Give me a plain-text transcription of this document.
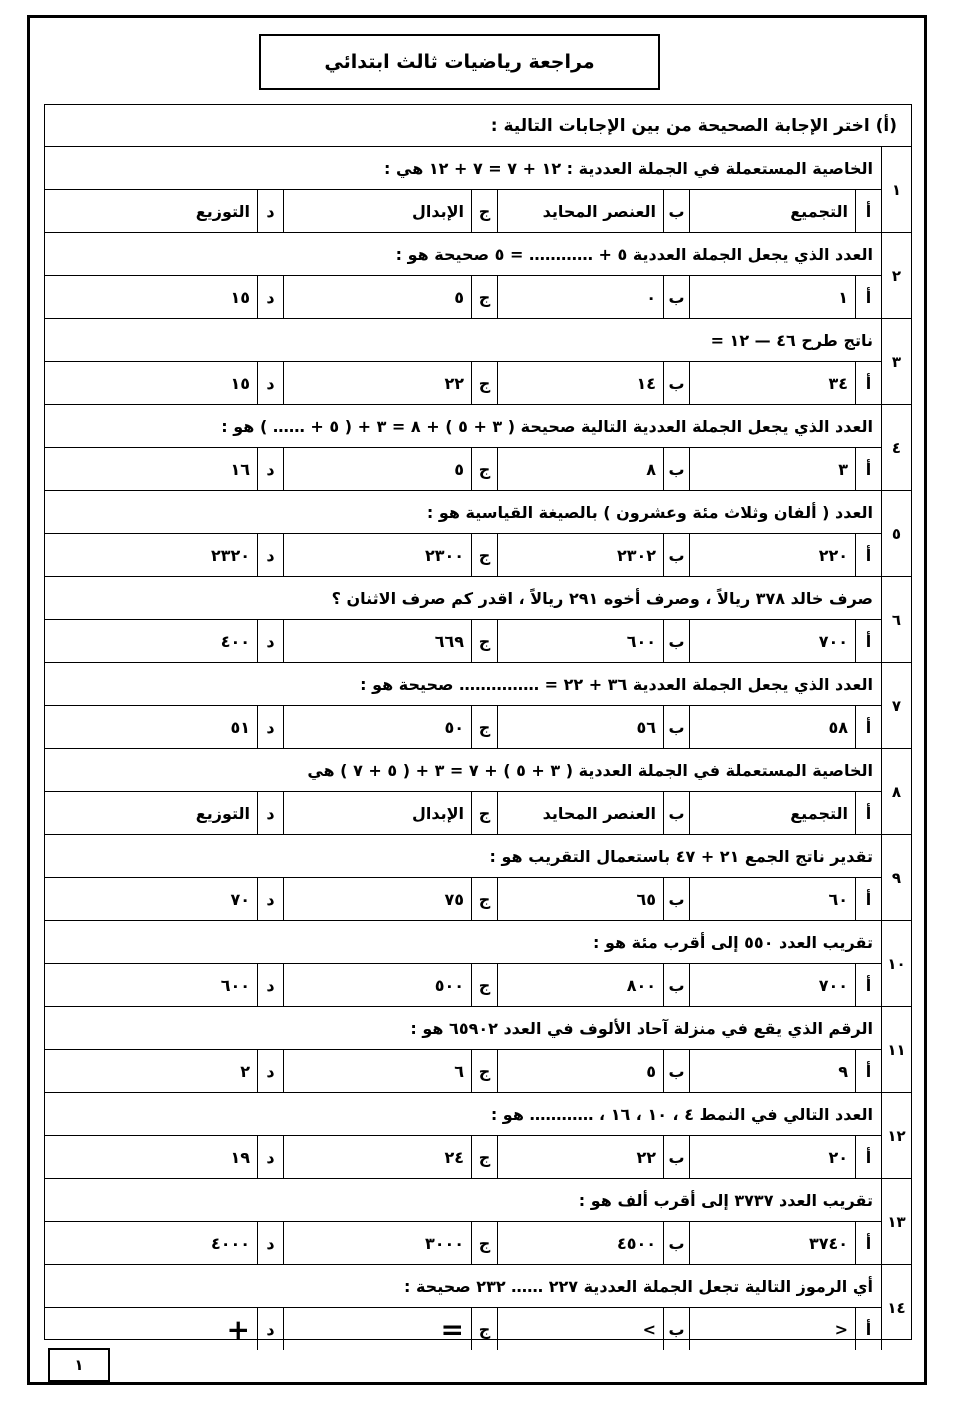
مراجعة رياضيات ثالث ابتدائي
(أ) اختر الإجابة الصحيحة من بين الإجابات التالية :
١
الخاصية المستعملة في الجملة العددية : ١٢ + ٧ = ٧ + ١٢ هي :
أ
التجميع
ب
العنصر المحايد
ج
الإبدال
د
التوزيع
٢
العدد الذي يجعل الجملة العددية ٥ + ………… = ٥ صحيحة هو :
أ
١
ب
٠
ج
٥
د
١٥
٣
ناتج طرح ٤٦ — ١٢ =
أ
٣٤
ب
١٤
ج
٢٢
د
١٥
٤
العدد الذي يجعل الجملة العددية التالية صحيحة ( ٣ + ٥ ) + ٨ = ٣ + ( ٥ + …… ) هو :
أ
٣
ب
٨
ج
٥
د
١٦
٥
العدد ( ألفان وثلاث مئة وعشرون ) بالصيغة القياسية هو :
أ
٢٢٠
ب
٢٣٠٢
ج
٢٣٠٠
د
٢٣٢٠
٦
صرف خالد ٣٧٨ ريالاً ، وصرف أخوه ٢٩١ ريالاً ، اقدر كم صرف الاثنان ؟
أ
٧٠٠
ب
٦٠٠
ج
٦٦٩
د
٤٠٠
٧
العدد الذي يجعل الجملة العددية ٣٦ + ٢٢ = …………… صحيحة هو :
أ
٥٨
ب
٥٦
ج
٥٠
د
٥١
٨
الخاصية المستعملة في الجملة العددية ( ٣ + ٥ ) + ٧ = ٣ + ( ٥ + ٧ ) هي
أ
التجميع
ب
العنصر المحايد
ج
الإبدال
د
التوزيع
٩
تقدير ناتج الجمع ٢١ + ٤٧ باستعمال التقريب هو :
أ
٦٠
ب
٦٥
ج
٧٥
د
٧٠
١٠
تقريب العدد ٥٥٠ إلى أقرب مئة هو :
أ
٧٠٠
ب
٨٠٠
ج
٥٠٠
د
٦٠٠
١١
الرقم الذي يقع في منزلة آحاد الألوف في العدد ٦٥٩٠٢ هو :
أ
٩
ب
٥
ج
٦
د
٢
١٢
العدد التالي في النمط ٤ ، ١٠ ، ١٦ ، ………… هو :
أ
٢٠
ب
٢٢
ج
٢٤
د
١٩
١٣
تقريب العدد ٣٧٣٧ إلى أقرب ألف هو :
أ
٣٧٤٠
ب
٤٥٠٠
ج
٣٠٠٠
د
٤٠٠٠
١٤
أي الرموز التالية تجعل الجملة العددية ٢٢٧ …… ٢٣٢ صحيحة :
أ
<
ب
>
ج
=
د
+
١
